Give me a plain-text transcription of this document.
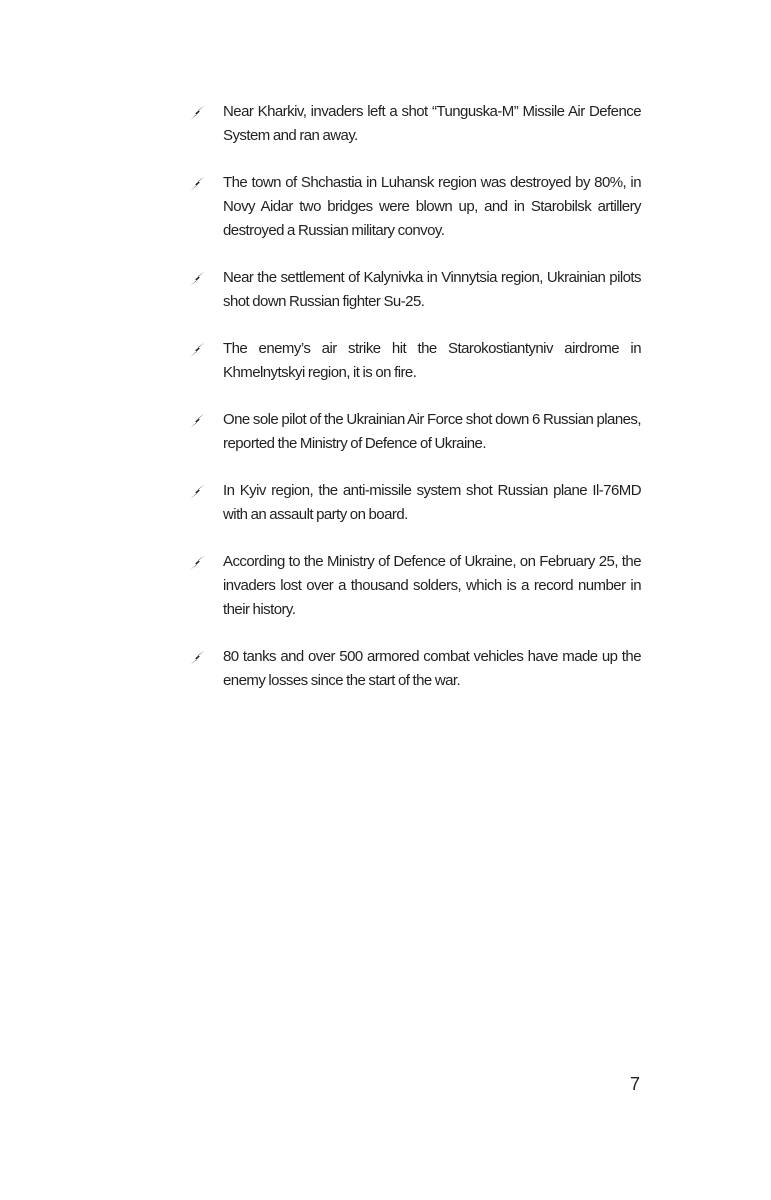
Near Kharkiv, invaders left a shot “Tunguska-M” Missile Air Defence System and ran away.
The town of Shchastia in Luhansk region was destroyed by 80%, in Novy Aidar two bridges were blown up, and in Starobilsk artillery destroyed a Russian military convoy.
Near the settlement of Kalynivka in Vinnytsia region, Ukrainian pilots shot down Russian fighter Su-25.
The enemy’s air strike hit the Starokostiantyniv airdrome in Khmelnytskyi region, it is on fire.
One sole pilot of the Ukrainian Air Force shot down 6 Russian planes, reported the Ministry of Defence of Ukraine.
In Kyiv region, the anti-missile system shot Russian plane Il-76MD with an assault party on board.
According to the Ministry of Defence of Ukraine, on February 25, the invaders lost over a thousand solders, which is a record number in their history.
80 tanks and over 500 armored combat vehicles have made up the enemy losses since the start of the war.
7
